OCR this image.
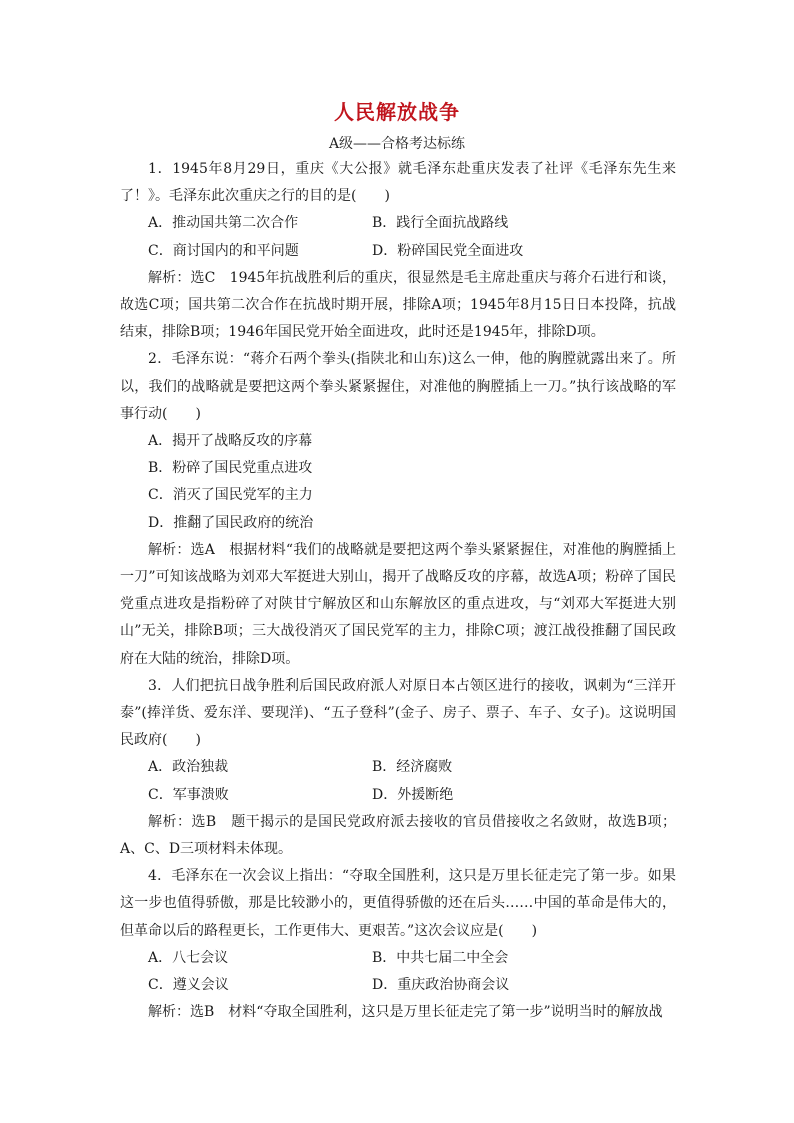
人民解放战争
A级——合格考达标练

1．1945年8月29日，重庆《大公报》就毛泽东赴重庆发表了社评《毛泽东先生来了！》。毛泽东此次重庆之行的目的是(　　)

A．推动国共第二次合作	B．践行全面抗战路线
C．商讨国内的和平问题	D．粉碎国民党全面进攻

解析：选C　1945年抗战胜利后的重庆，很显然是毛主席赴重庆与蒋介石进行和谈，故选C项；国共第二次合作在抗战时期开展，排除A项；1945年8月15日日本投降，抗战结束，排除B项；1946年国民党开始全面进攻，此时还是1945年，排除D项。

2．毛泽东说：“蒋介石两个拳头(指陕北和山东)这么一伸，他的胸膛就露出来了。所以，我们的战略就是要把这两个拳头紧紧握住，对准他的胸膛插上一刀。”执行该战略的军事行动(　　)

A．揭开了战略反攻的序幕
B．粉碎了国民党重点进攻
C．消灭了国民党军的主力
D．推翻了国民政府的统治

解析：选A　根据材料“我们的战略就是要把这两个拳头紧紧握住，对准他的胸膛插上一刀”可知该战略为刘邓大军挺进大别山，揭开了战略反攻的序幕，故选A项；粉碎了国民党重点进攻是指粉碎了对陕甘宁解放区和山东解放区的重点进攻，与“刘邓大军挺进大别山”无关，排除B项；三大战役消灭了国民党军的主力，排除C项；渡江战役推翻了国民政府在大陆的统治，排除D项。

3．人们把抗日战争胜利后国民政府派人对原日本占领区进行的接收，讽刺为“三洋开泰”(捧洋货、爱东洋、要现洋)、“五子登科”(金子、房子、票子、车子、女子)。这说明国民政府(　　)

A．政治独裁	B．经济腐败
C．军事溃败	D．外援断绝

解析：选B　题干揭示的是国民党政府派去接收的官员借接收之名敛财，故选B项；A、C、D三项材料未体现。

4．毛泽东在一次会议上指出：“夺取全国胜利，这只是万里长征走完了第一步。如果这一步也值得骄傲，那是比较渺小的，更值得骄傲的还在后头……中国的革命是伟大的，但革命以后的路程更长，工作更伟大、更艰苦。”这次会议应是(　　)

A．八七会议	B．中共七届二中全会
C．遵义会议	D．重庆政治协商会议

解析：选B　材料“夺取全国胜利，这只是万里长征走完了第一步”说明当时的解放战
